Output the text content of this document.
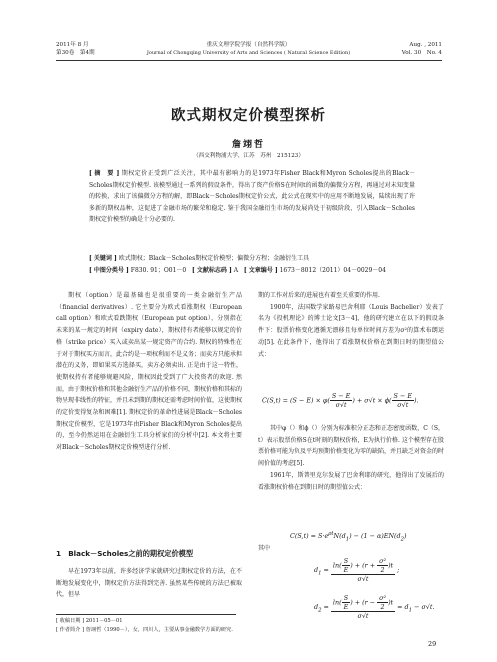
2011年 8 月
第30卷　第4期
重庆文理学院学报（自然科学版）
Journal of Chongqing University of Arts and Sciences ( Natural Science Edition)
Aug. , 2011
Vol. 30　No. 4
欧式期权定价模型探析
詹翊哲
（西交利物浦大学，江苏　苏州　215123）
[ 摘　要 ] 期权定价正受到广泛关注，其中最有影响力的是1973年Fisher Black和Myron Scholes提出的Black－Scholes期权定价模型. 该模型通过一系列的假设条件，得出了资产价格S在时间t的函数的偏微分方程，再通过对未知变量的转换，求出了该偏微分方程的解，即Black－Scholes期权定价公式，此公式在现实中的应用不断地发展，陆续出现了许多新的期权品种，这促进了金融市场的繁荣和稳定. 鉴于我国金融衍生市场的发展尚处于初级阶段，引入Black－Scholes期权定价模型的确是十分必要的.
[ 关键词 ] 欧式期权；Black－Scholes期权定价模型；偏微分方程；金融衍生工具
[ 中图分类号 ] F830. 91；O01－0 [ 文献标志码 ] A [ 文章编号 ] 1673－8012（2011）04－0029－04

期权（option）是最基础也是很重要的一类金融衍生产品（financial derivatives）. 它主要分为欧式看涨期权（European call option）和欧式看跌期权（European put option），分别指在未来的某一规定的时间（expiry date），期权持有者能够以规定的价格（strike price）买入或卖出某一规定资产的合约. 期权的特殊性在于对于期权买方而言，此合约是一项权利而不是义务；而卖方只能承担潜在的义务，即如果买方选择买，卖方必须卖出. 正是由于这一特性，使期权持有者能够规避风险，期权因此受到了广大投资者的欢迎. 然而，由于期权价格和其他金融衍生产品的价格不同，期权价格和其标的物呈现非线性的特征，并且未到期的期权还需考虑时间价值，这使期权的定价变得复杂和困难[1]. 期权定价的革命性进展是Black－Scholes期权定价模型，它是1973年由Fisher Black和Myron Scholes提出的，至今仍然运用在金融衍生工具分析家们的分析中[2]. 本文将主要对Black－Scholes期权定价模型进行分析.

1　Black－Scholes之前的期权定价模型

早在1973年以前，许多经济学家就研究过期权定价的方法，在不断地发展变化中，期权定价方法得到完善. 虽然某些传统的方法已被取代，但早

期的工作对后来的进展也有着至关重要的作用.

1900年，法国数学家路易巴舍利耶（Louis Bachelier）发表了名为《投机理论》的博士论文[3－4]，他的研究建立在以下的假设条件下：股票价格变化遵循无漂移且每单位时间方差为σ²的算术布朗运动[5]. 在此条件下，他得出了看涨期权价格在到期日时的期望值公式：

$C(S,t) = (S - E) \times \varphi( \frac{S - E}{\sigma√t}$ ) + $\sigma√t \times \phi( \frac{S - E}{\sigma√t}$ ).

其中φ（）和ϕ（）分别为标准积分正态和正态密度函数，C（S，t）表示股票价格S在t时刻的期权价格，E为执行价格. 这个模型存在股票价格可能为负及平均预期价格变化为零的缺陷，并且缺乏对资金的时间价值的考虑[5].

1961年，斯普里克尔发展了巴舍利耶的研究，他得出了发展后的看涨期权价格在到期日时的期望值公式：

$C(S,t) = S\cdot e^{\rho t}N(d_1) - (1 - \alpha)EN(d_2)$

其中

$d_1 = \frac{\ln( \frac{S}{E} ) + (r + \frac{\text{σ²}}{2} )t}{\sigma√t}$ ;
$d_2 = \frac{\ln( \frac{S}{E} ) + (r - \frac{\text{σ²}}{2} )t}{\sigma√t} = d_1 - \sigma√t$.
[ 收稿日期 ] 2011－05－01
[ 作者简介 ] 詹翊哲（1990－），女，四川人，主要从事金融数学方面的研究.
29
